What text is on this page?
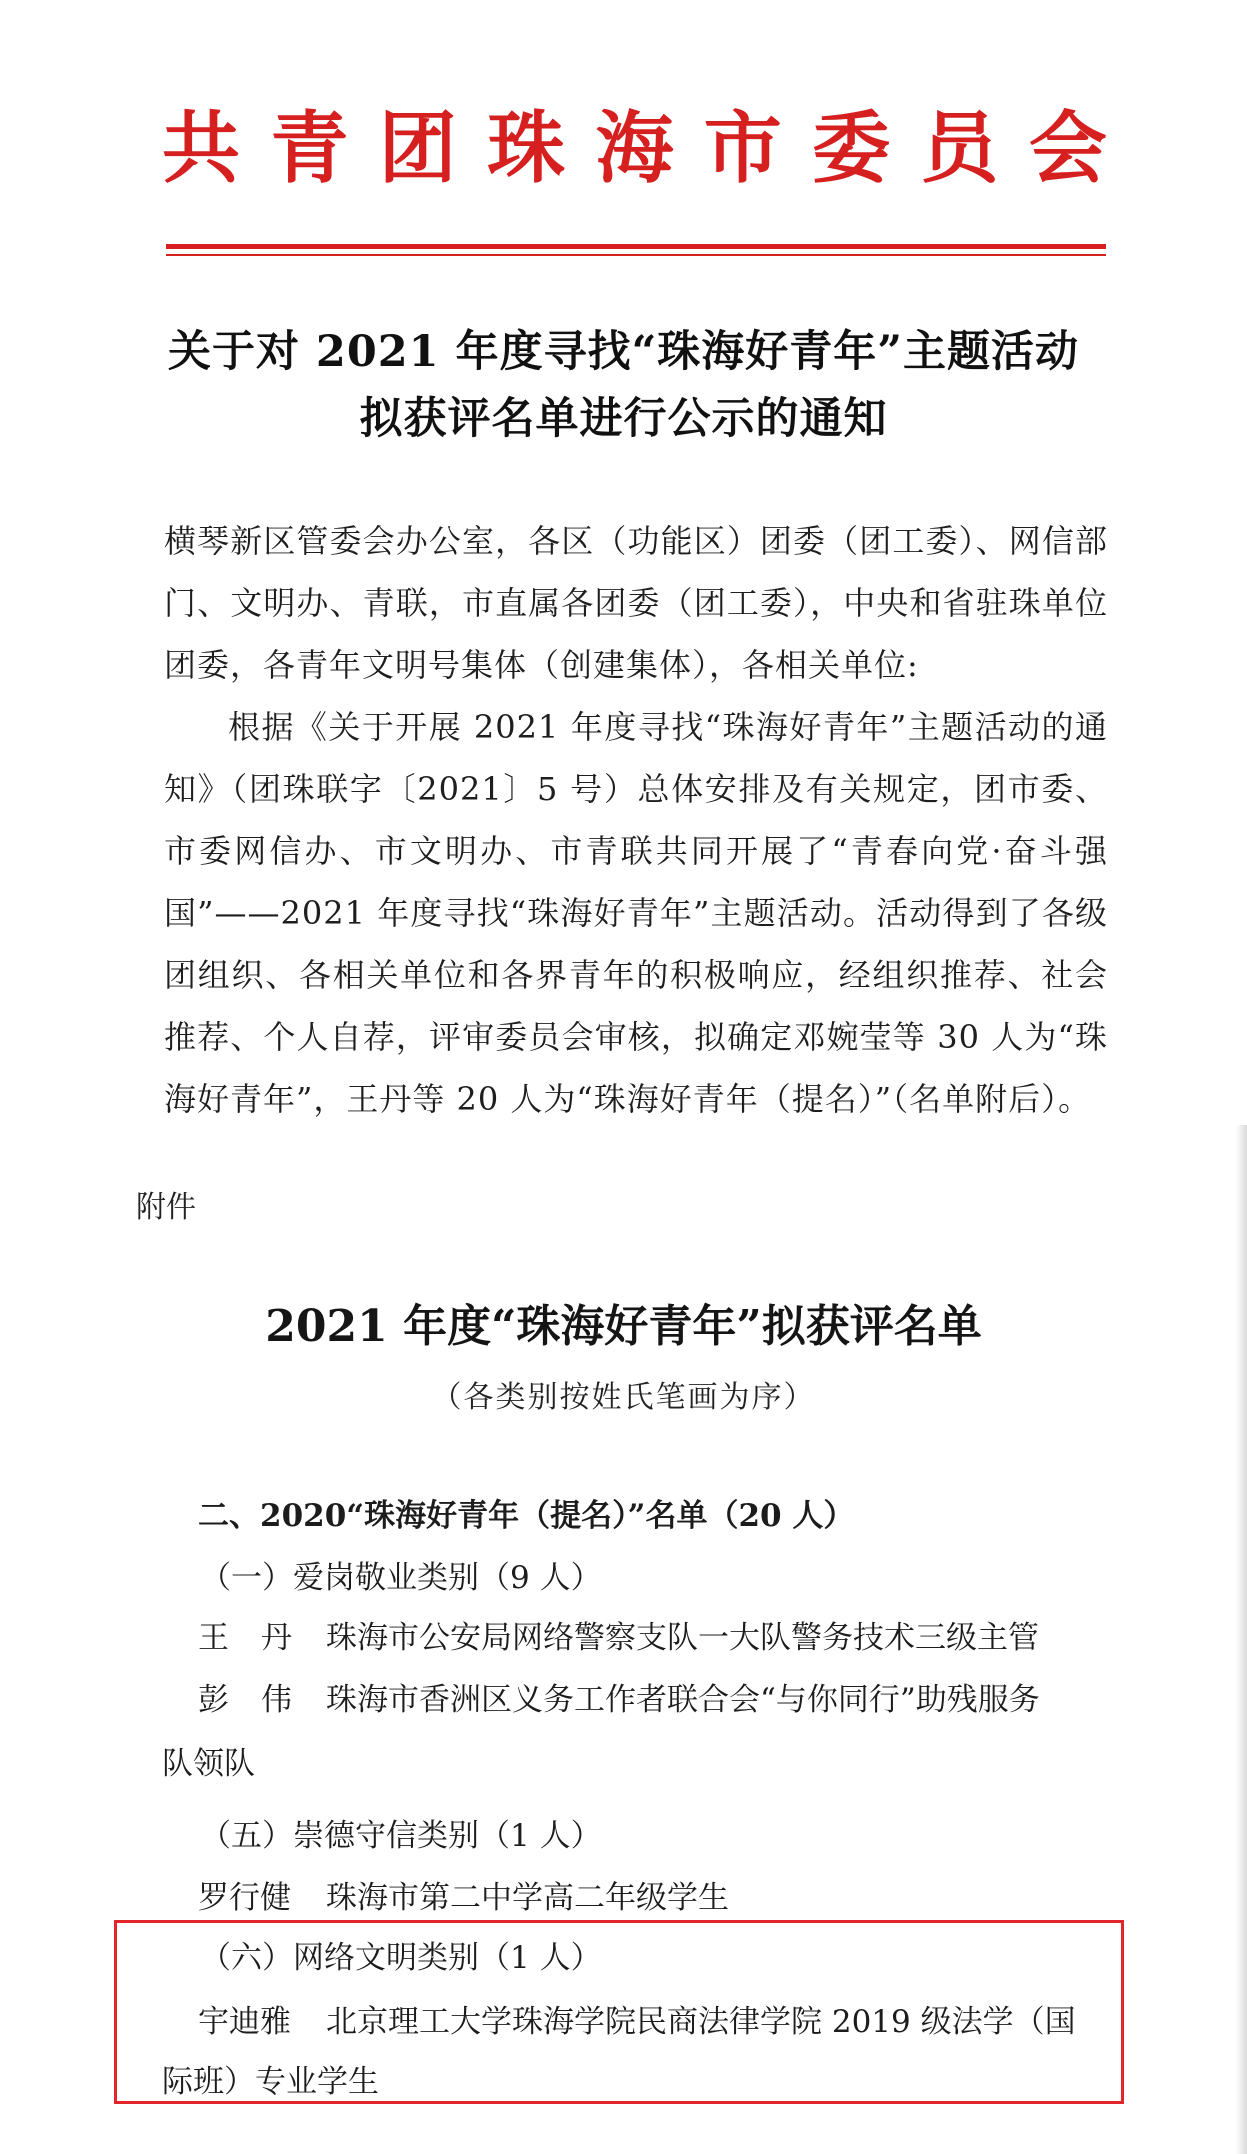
共 青 团 珠 海 市 委 员 会
关于对 2021 年度寻找“珠海好青年”主题活动
拟获评名单进行公示的通知
横琴新区管委会办公室，各区（功能区）团委（团工委）、网信部门、文明办、青联，市直属各团委（团工委），中央和省驻珠单位团委，各青年文明号集体（创建集体），各相关单位:
根据《关于开展 2021 年度寻找“珠海好青年”主题活动的通知》（团珠联字〔2021〕5 号）总体安排及有关规定，团市委、市委网信办、市文明办、市青联共同开展了“青春向党·奋斗强国”——2021 年度寻找“珠海好青年”主题活动。活动得到了各级团组织、各相关单位和各界青年的积极响应，经组织推荐、社会推荐、个人自荐，评审委员会审核，拟确定邓婉莹等 30 人为“珠海好青年”，王丹等 20 人为“珠海好青年（提名）”（名单附后）。
附件
2021 年度“珠海好青年”拟获评名单
（各类别按姓氏笔画为序）
二、2020“珠海好青年（提名）”名单（20 人）
（一）爱岗敬业类别（9 人）
王丹 珠海市公安局网络警察支队一大队警务技术三级主管
彭伟 珠海市香洲区义务工作者联合会“与你同行”助残服务
队领队
（五）崇德守信类别（1 人）
罗行健 珠海市第二中学高二年级学生
（六）网络文明类别（1 人）
宇迪雅 北京理工大学珠海学院民商法律学院 2019 级法学（国
际班）专业学生
